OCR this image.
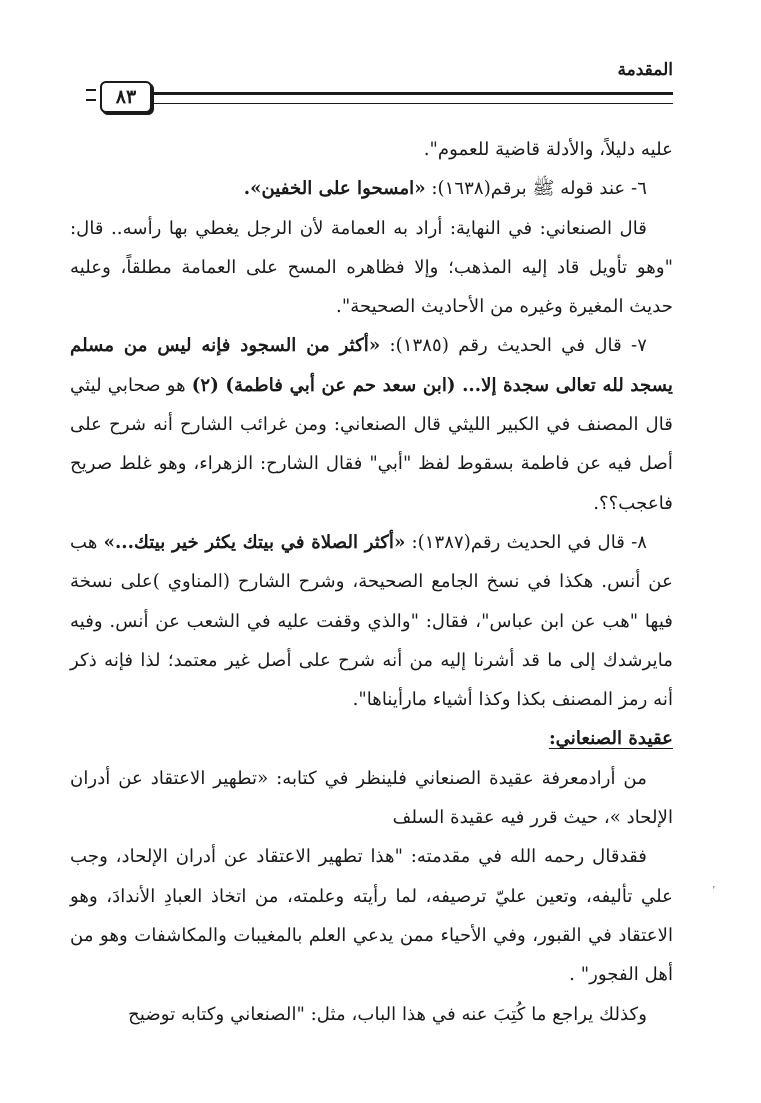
المقدمة
٨٣

عليه دليلاً، والأدلة قاضية للعموم".

٦- عند قوله ﷺ برقم(١٦٣٨): «امسحوا على الخفين».

قال الصنعاني: في النهاية: أراد به العمامة لأن الرجل يغطي بها رأسه.. قال: "وهو تأويل قاد إليه المذهب؛ وإلا فظاهره المسح على العمامة مطلقاً، وعليه حديث المغيرة وغيره من الأحاديث الصحيحة".

٧- قال في الحديث رقم (١٣٨٥): «أكثر من السجود فإنه ليس من مسلم يسجد لله تعالى سجدة إلا... (ابن سعد حم عن أبي فاطمة) (٢) هو صحابي ليثي قال المصنف في الكبير الليثي قال الصنعاني: ومن غرائب الشارح أنه شرح على أصل فيه عن فاطمة بسقوط لفظ "أبي" فقال الشارح: الزهراء، وهو غلط صريح فاعجب؟؟.

٨- قال في الحديث رقم(١٣٨٧): «أكثر الصلاة في بيتك يكثر خير بيتك...» هب عن أنس. هكذا في نسخ الجامع الصحيحة، وشرح الشارح (المناوي )على نسخة فيها "هب عن ابن عباس"، فقال: "والذي وقفت عليه في الشعب عن أنس. وفيه مايرشدك إلى ما قد أشرنا إليه من أنه شرح على أصل غير معتمد؛ لذا فإنه ذكر أنه رمز المصنف بكذا وكذا أشياء مارأيناها".

عقيدة الصنعاني:

من أرادمعرفة عقيدة الصنعاني فلينظر في كتابه: «تطهير الاعتقاد عن أدران الإلحاد »، حيث قرر فيه عقيدة السلف

فقدقال رحمه الله في مقدمته: "هذا تطهير الاعتقاد عن أدران الإلحاد، وجب علي تأليفه، وتعين عليّ ترصيفه، لما رأيته وعلمته، من اتخاذ العبادِ الأندادَ، وهو الاعتقاد في القبور، وفي الأحياء ممن يدعي العلم بالمغيبات والمكاشفات وهو من أهل الفجور" .

وكذلك يراجع ما كُتِبَ عنه في هذا الباب، مثل: "الصنعاني وكتابه توضيح

٬
